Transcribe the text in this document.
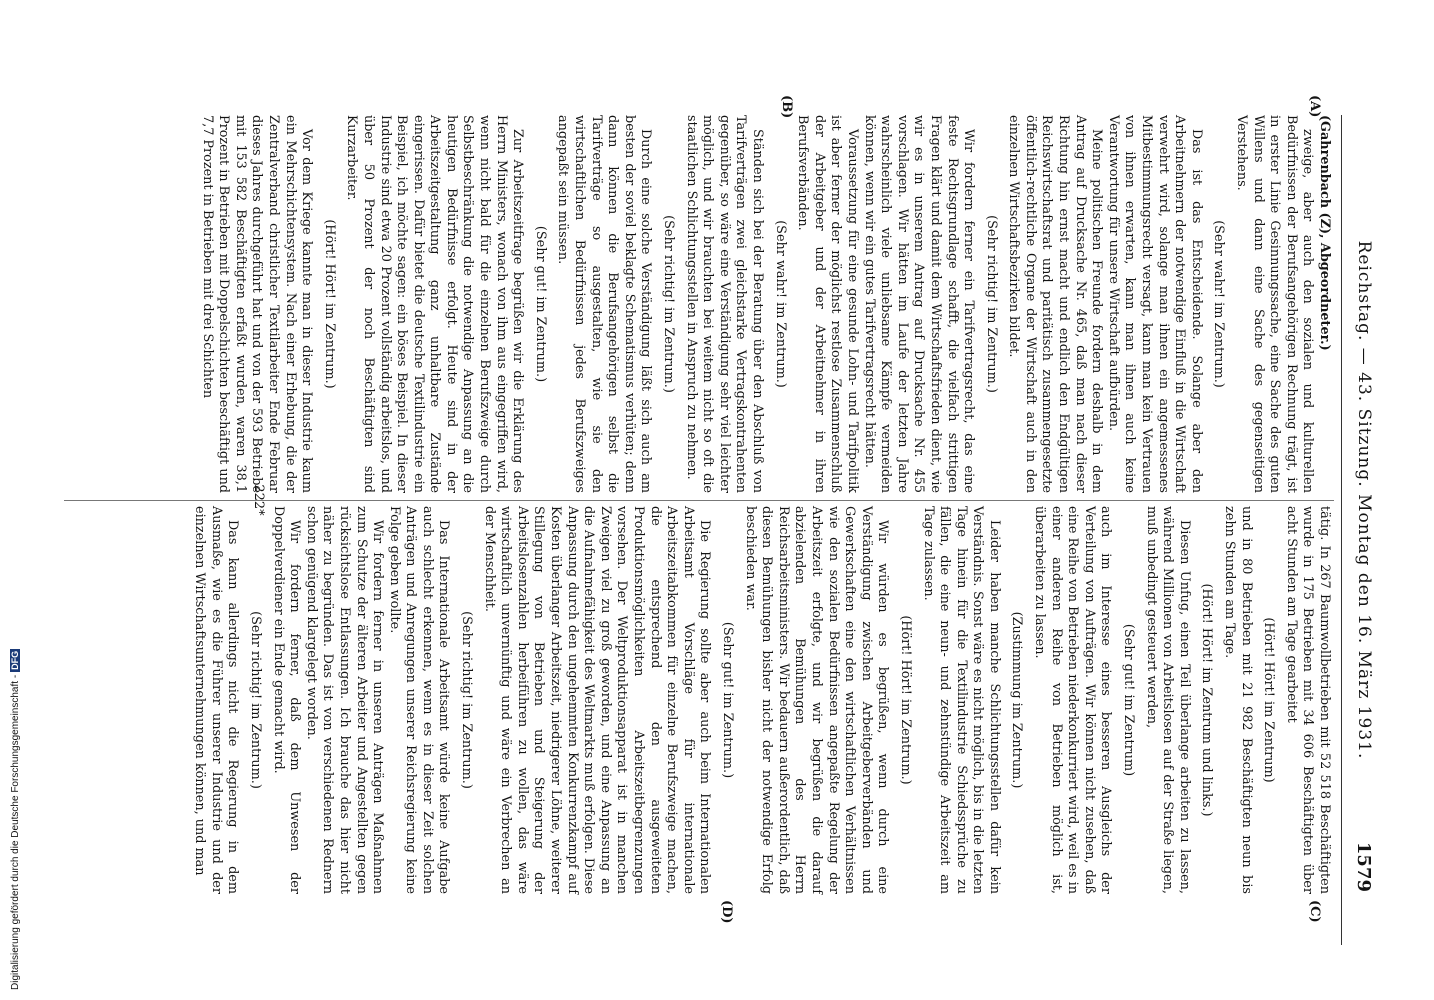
Reichstag. — 43. Sitzung. Montag den 16. März 1931.
1579
(A)
(B)
(C)
(D)

(Gahrenbach (Z), Abgeordneter.)

zweige, aber auch den sozialen und kulturellen Bedürfnissen der Berufsangehörigen Rechnung trägt, ist in erster Linie Gesinnungssache, eine Sache des guten Willens und dann eine Sache des gegenseitigen Verstehens.

(Sehr wahr! im Zentrum.)

Das ist das Entscheidende. Solange aber den Arbeitnehmern der notwendige Einfluß in die Wirtschaft verwehrt wird, solange man ihnen ein angemessenes Mitbestimmungsrecht versagt, kann man kein Vertrauen von ihnen erwarten, kann man ihnen auch keine Verantwortung für unsere Wirtschaft aufbürden.

Meine politischen Freunde fordern deshalb in dem Antrag auf Drucksache Nr. 465, daß man nach dieser Richtung hin ernst macht und endlich den Endgültigen Reichswirtschaftsrat und paritätisch zusammengesetzte öffentlich-rechtliche Organe der Wirtschaft auch in den einzelnen Wirtschaftsbezirken bildet.

(Sehr richtig! im Zentrum.)

Wir fordern ferner ein Tarifvertragsrecht, das eine feste Rechtsgrundlage schafft, die vielfach strittigen Fragen klärt und damit dem Wirtschaftsfrieden dient, wie wir es in unserem Antrag auf Drucksache Nr. 455 vorschlagen. Wir hätten im Laufe der letzten Jahre wahrscheinlich viele unliebsame Kämpfe vermeiden können, wenn wir ein gutes Tarifvertragsrecht hätten.

Voraussetzung für eine gesunde Lohn- und Tarifpolitik ist aber ferner der möglichst restlose Zusammenschluß der Arbeitgeber und der Arbeitnehmer in ihren Berufsverbänden.

(Sehr wahr! im Zentrum.)

Ständen sich bei der Beratung über den Abschluß von Tarifverträgen zwei gleichstarke Vertragskontrahenten gegenüber, so wäre eine Verständigung sehr viel leichter möglich, und wir brauchten bei weitem nicht so oft die staatlichen Schlichtungsstellen in Anspruch zu nehmen.

(Sehr richtig! im Zentrum.)

Durch eine solche Verständigung läßt sich auch am besten der soviel beklagte Schematismus verhüten; denn dann können die Berufsangehörigen selbst die Tarifverträge so ausgestalten, wie sie den wirtschaftlichen Bedürfnissen jedes Berufszweiges angepaßt sein müssen.

(Sehr gut! im Zentrum.)

Zur Arbeitszeitfrage begrüßen wir die Erklärung des Herrn Ministers, wonach von ihm aus eingegriffen wird, wenn nicht bald für die einzelnen Berufszweige durch Selbstbeschränkung die notwendige Anpassung an die heutigen Bedürfnisse erfolgt. Heute sind in der Arbeitszeitgestaltung ganz unhaltbare Zustände eingerissen. Dafür bietet die deutsche Textilindustrie ein Beispiel, ich möchte sagen: ein böses Beispiel. In dieser Industrie sind etwa 20 Prozent vollständig arbeitslos, und über 50 Prozent der noch Beschäftigten sind Kurzarbeiter.

(Hört! Hört! im Zentrum.)

Vor dem Kriege kannte man in dieser Industrie kaum ein Mehrschichtensystem. Nach einer Erhebung, die der Zentralverband christlicher Textilarbeiter Ende Februar dieses Jahres durchgeführt hat und von der 593 Betriebe mit 153 582 Beschäftigten erfaßt wurden, waren 38,1 Prozent in Betrieben mit Doppelschichten beschäftigt und 7,7 Prozent in Betrieben mit drei Schichten

tätig. In 267 Baumwollbetrieben mit 52 518 Beschäftigten wurde in 175 Betrieben mit 34 606 Beschäftigten über acht Stunden am Tage gearbeitet

(Hört! Hört! im Zentrum)

und in 80 Betrieben mit 21 982 Beschäftigten neun bis zehn Stunden am Tage.

(Hört! Hört! im Zentrum und links.)

Diesen Unfug, einen Teil überlange arbeiten zu lassen, während Millionen von Arbeitslosen auf der Straße liegen, muß unbedingt gesteuert werden,

(Sehr gut! im Zentrum)

auch im Interesse eines besseren Ausgleichs der Verteilung von Aufträgen. Wir können nicht zusehen, daß eine Reihe von Betrieben niederkonkurriert wird, weil es in einer anderen Reihe von Betrieben möglich ist, überarbeiten zu lassen.

(Zustimmung im Zentrum.)

Leider haben manche Schlichtungsstellen dafür kein Verständnis. Sonst wäre es nicht möglich, bis in die letzten Tage hinein für die Textilindustrie Schiedssprüche zu fällen, die eine neun- und zehnstündige Arbeitszeit am Tage zulassen.

(Hört! Hört! im Zentrum.)

Wir würden es begrüßen, wenn durch eine Verständigung zwischen Arbeitgeberverbänden und Gewerkschaften eine den wirtschaftlichen Verhältnissen wie den sozialen Bedürfnissen angepaßte Regelung der Arbeitszeit erfolgte, und wir begrüßen die darauf abzielenden Bemühungen des Herrn Reichsarbeitsministers. Wir bedauern außerordentlich, daß diesen Bemühungen bisher nicht der notwendige Erfolg beschieden war.

(Sehr gut! im Zentrum.)

Die Regierung sollte aber auch beim Internationalen Arbeitsamt Vorschläge für internationale Arbeitszeitabkommen für einzelne Berufszweige machen, die entsprechend den ausgeweiteten Produktionsmöglichkeiten Arbeitszeitbegrenzungen vorsehen. Der Weltproduktionsapparat ist in manchen Zweigen viel zu groß geworden, und eine Anpassung an die Aufnahmefähigkeit des Weltmarkts muß erfolgen. Diese Anpassung durch den ungehemmten Konkurrenzkampf auf Kosten überlanger Arbeitszeit, niedrigerer Löhne, weiterer Stillegung von Betrieben und Steigerung der Arbeitslosenzahlen herbeiführen zu wollen, das wäre wirtschaftlich unvernünftig und wäre ein Verbrechen an der Menschheit.

(Sehr richtig! im Zentrum.)

Das Internationale Arbeitsamt würde keine Aufgabe auch schlecht erkennen, wenn es in dieser Zeit solchen Anträgen und Anregungen unserer Reichsregierung keine Folge geben wollte.

Wir fordern ferner in unseren Anträgen Maßnahmen zum Schutze der älteren Arbeiter und Angestellten gegen rücksichtslose Entlassungen. Ich brauche das hier nicht näher zu begründen. Das ist von verschiedenen Rednern schon genügend klargelegt worden.

Wir fordern ferner, daß dem Unwesen der Doppelverdiener ein Ende gemacht wird.

(Sehr richtig! im Zentrum.)

Das kann allerdings nicht die Regierung in dem Ausmaße, wie es die Führer unserer Industrie und der einzelnen Wirtschaftsunternehmungen können, und man

222*
Digitalisierung gefördert durch die Deutsche Forschungsgemeinschaft -DFG
